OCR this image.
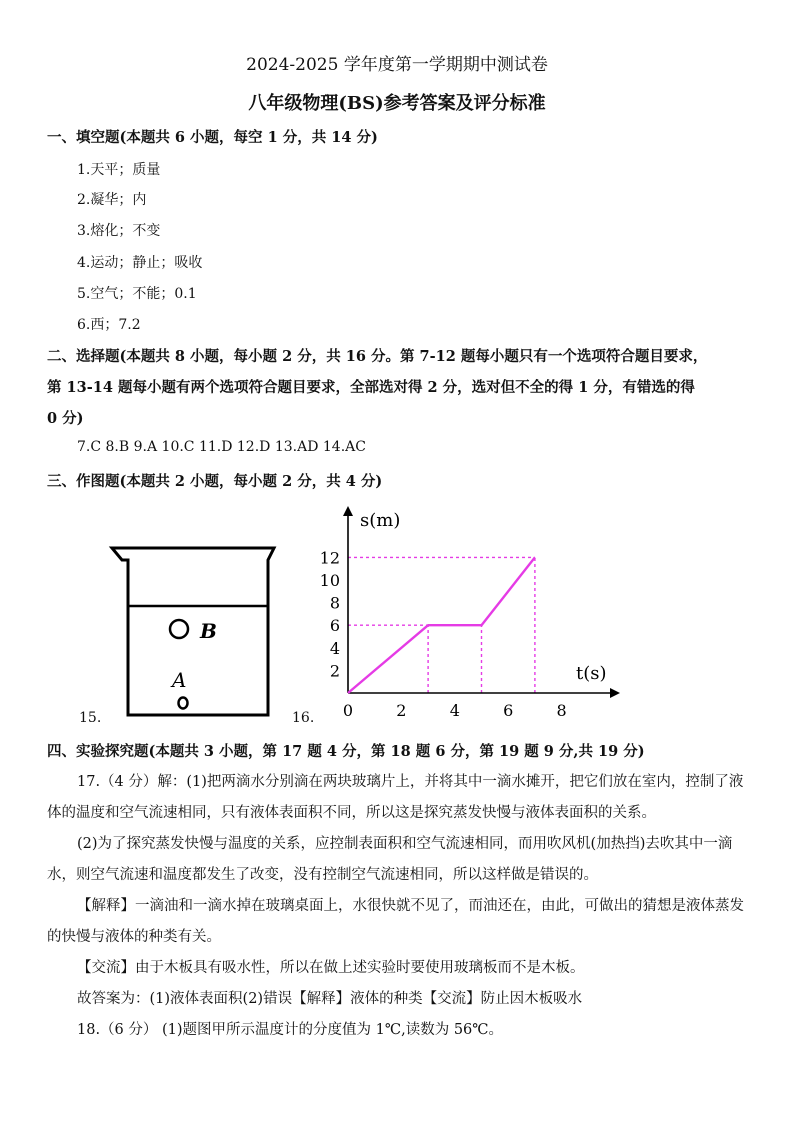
2024-2025 学年度第一学期期中测试卷
八年级物理(BS)参考答案及评分标准
一、填空题(本题共 6 小题，每空 1 分，共 14 分)
1.天平；质量
2.凝华；内
3.熔化；不变
4.运动；静止；吸收
5.空气；不能；0.1
6.西；7.2
二、选择题(本题共 8 小题，每小题 2 分，共 16 分。第 7-12 题每小题只有一个选项符合题目要求，
第 13-14 题每小题有两个选项符合题目要求，全部选对得 2 分，选对但不全的得 1 分，有错选的得
0 分)
7.C 8.B 9.A 10.C 11.D 12.D 13.AD 14.AC
三、作图题(本题共 2 小题，每小题 2 分，共 4 分)
15.	16.
B
A
0	2	4	6	8
2
4
6
8
10
12
s(m)
t(s)
四、实验探究题(本题共 3 小题，第 17 题 4 分，第 18 题 6 分，第 19 题 9 分,共 19 分)

17.（4 分）解：(1)把两滴水分别滴在两块玻璃片上，并将其中一滴水摊开，把它们放在室内，控制了液体的温度和空气流速相同，只有液体表面积不同，所以这是探究蒸发快慢与液体表面积的关系。

(2)为了探究蒸发快慢与温度的关系，应控制表面积和空气流速相同，而用吹风机(加热挡)去吹其中一滴水，则空气流速和温度都发生了改变，没有控制空气流速相同，所以这样做是错误的。

【解释】一滴油和一滴水掉在玻璃桌面上，水很快就不见了，而油还在，由此，可做出的猜想是液体蒸发的快慢与液体的种类有关。

【交流】由于木板具有吸水性，所以在做上述实验时要使用玻璃板而不是木板。

故答案为：(1)液体表面积(2)错误【解释】液体的种类【交流】防止因木板吸水

18.（6 分） (1)题图甲所示温度计的分度值为 1℃,读数为 56℃。
